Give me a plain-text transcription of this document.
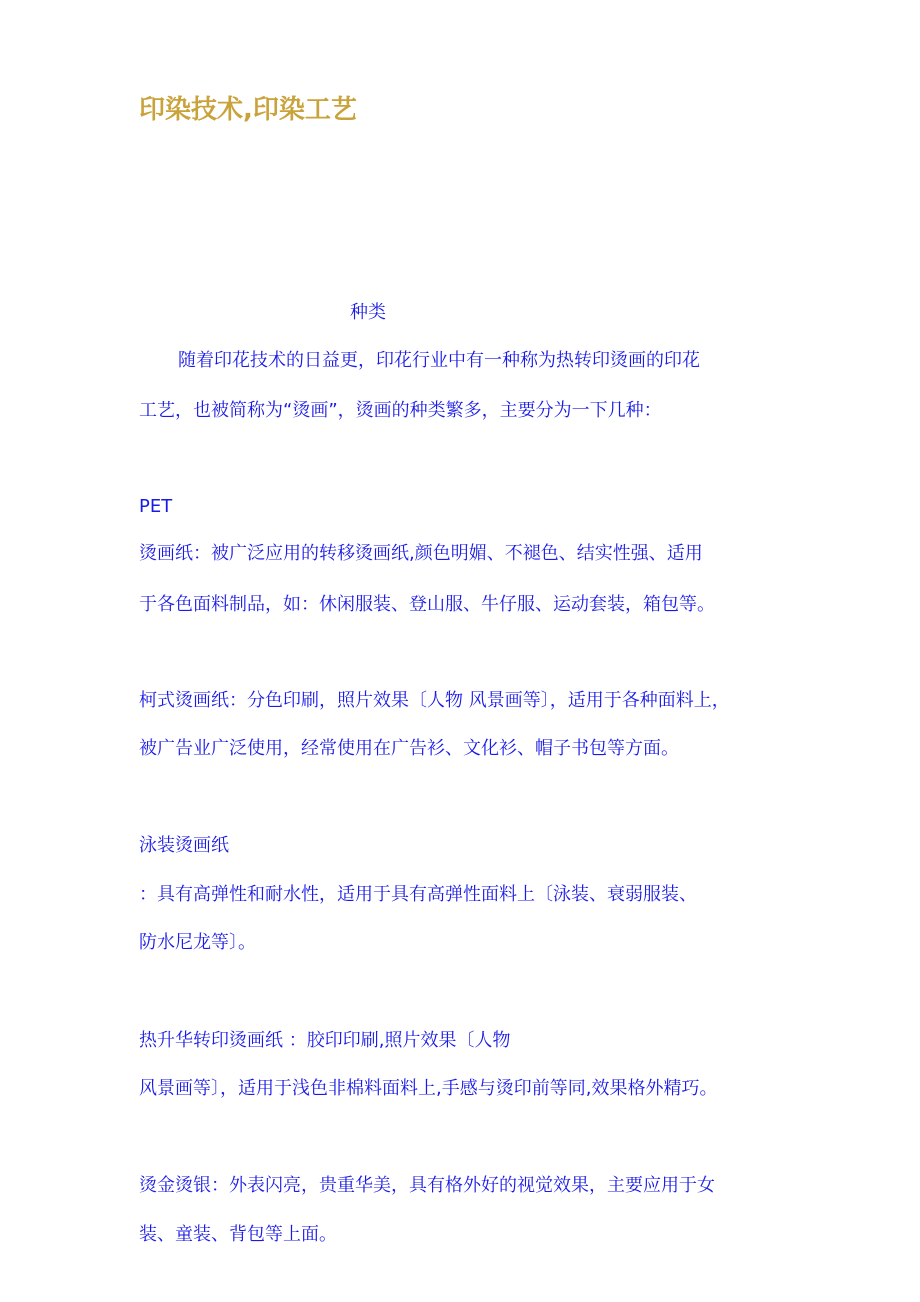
印染技术,印染工艺

种类

随着印花技术的日益更，印花行业中有一种称为热转印烫画的印花

工艺，也被简称为“烫画”，烫画的种类繁多，主要分为一下几种：

PET

烫画纸：被广泛应用的转移烫画纸,颜色明媚、不褪色、结实性强、适用

于各色面料制品，如：休闲服装、登山服、牛仔服、运动套装，箱包等。

柯式烫画纸：分色印刷，照片效果〔人物 风景画等〕，适用于各种面料上，

被广告业广泛使用，经常使用在广告衫、文化衫、帽子书包等方面。

泳装烫画纸

：具有高弹性和耐水性，适用于具有高弹性面料上〔泳装、衰弱服装、

防水尼龙等〕。

热升华转印烫画纸 ：胶印印刷,照片效果〔人物

风景画等〕，适用于浅色非棉料面料上,手感与烫印前等同,效果格外精巧。

烫金烫银：外表闪亮，贵重华美，具有格外好的视觉效果，主要应用于女

装、童装、背包等上面。
